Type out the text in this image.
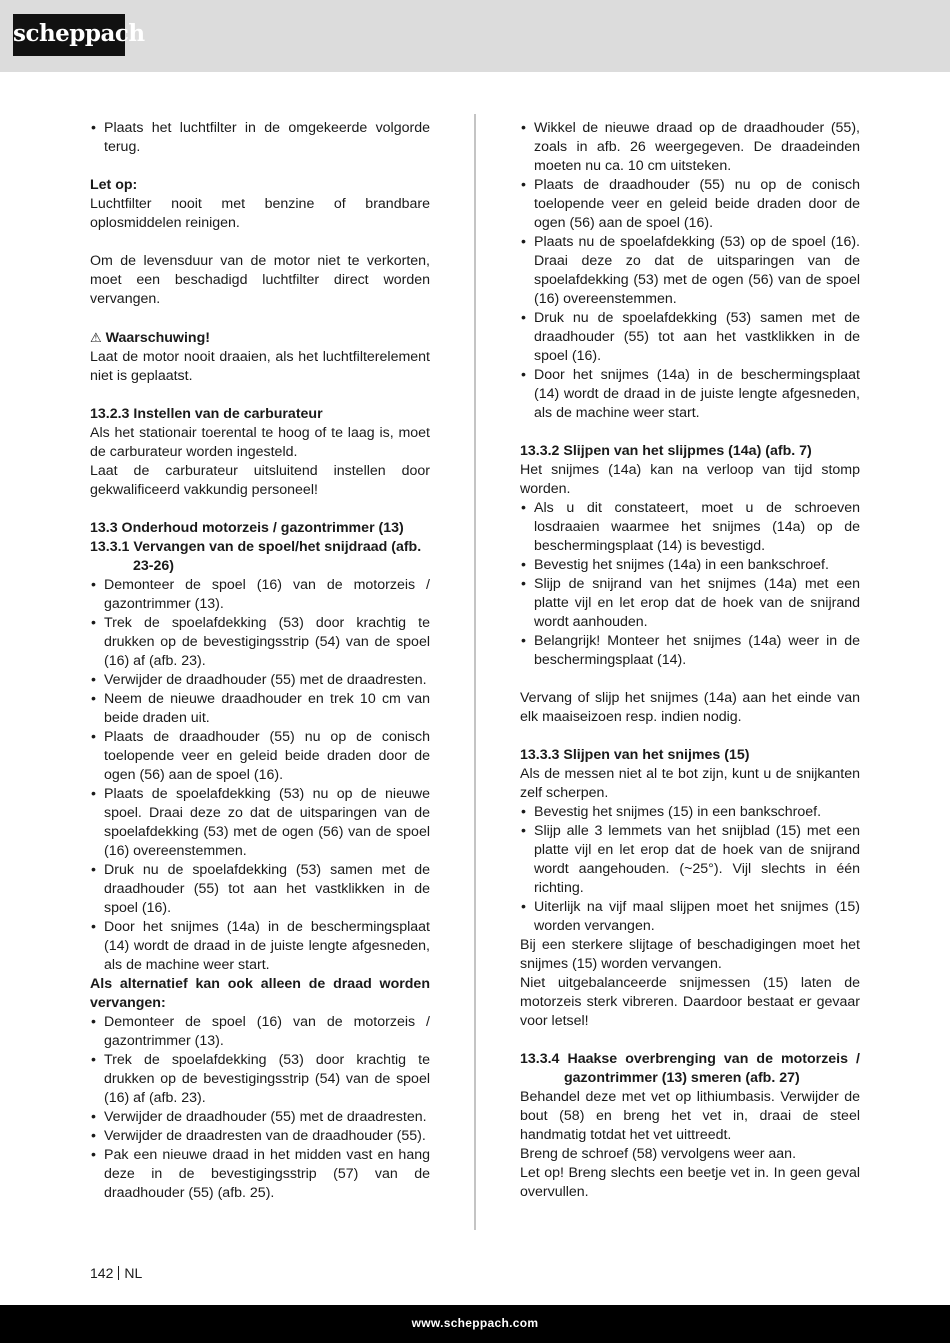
scheppach
• Plaats het luchtfilter in de omgekeerde volgorde terug.
Let op:
Luchtfilter nooit met benzine of brandbare oplosmiddelen reinigen.
Om de levensduur van de motor niet te verkorten, moet een beschadigd luchtfilter direct worden vervangen.
⚠ Waarschuwing!
Laat de motor nooit draaien, als het luchtfilterelement niet is geplaatst.
13.2.3 Instellen van de carburateur
Als het stationair toerental te hoog of te laag is, moet de carburateur worden ingesteld.
Laat de carburateur uitsluitend instellen door gekwalificeerd vakkundig personeel!
13.3 Onderhoud motorzeis / gazontrimmer (13)
13.3.1 Vervangen van de spoel/het snijdraad (afb. 23-26)
• Demonteer de spoel (16) van de motorzeis / gazontrimmer (13).
• Trek de spoelafdekking (53) door krachtig te drukken op de bevestigingsstrip (54) van de spoel (16) af (afb. 23).
• Verwijder de draadhouder (55) met de draadresten.
• Neem de nieuwe draadhouder en trek 10 cm van beide draden uit.
• Plaats de draadhouder (55) nu op de conisch toelopende veer en geleid beide draden door de ogen (56) aan de spoel (16).
• Plaats de spoelafdekking (53) nu op de nieuwe spoel. Draai deze zo dat de uitsparingen van de spoelafdekking (53) met de ogen (56) van de spoel (16) overeenstemmen.
• Druk nu de spoelafdekking (53) samen met de draadhouder (55) tot aan het vastklikken in de spoel (16).
• Door het snijmes (14a) in de beschermingsplaat (14) wordt de draad in de juiste lengte afgesneden, als de machine weer start.
Als alternatief kan ook alleen de draad worden vervangen:
• Demonteer de spoel (16) van de motorzeis / gazontrimmer (13).
• Trek de spoelafdekking (53) door krachtig te drukken op de bevestigingsstrip (54) van de spoel (16) af (afb. 23).
• Verwijder de draadhouder (55) met de draadresten.
• Verwijder de draadresten van de draadhouder (55).
• Pak een nieuwe draad in het midden vast en hang deze in de bevestigingsstrip (57) van de draadhouder (55) (afb. 25).
• Wikkel de nieuwe draad op de draadhouder (55), zoals in afb. 26 weergegeven. De draadeinden moeten nu ca. 10 cm uitsteken.
• Plaats de draadhouder (55) nu op de conisch toelopende veer en geleid beide draden door de ogen (56) aan de spoel (16).
• Plaats nu de spoelafdekking (53) op de spoel (16). Draai deze zo dat de uitsparingen van de spoelafdekking (53) met de ogen (56) van de spoel (16) overeenstemmen.
• Druk nu de spoelafdekking (53) samen met de draadhouder (55) tot aan het vastklikken in de spoel (16).
• Door het snijmes (14a) in de beschermingsplaat (14) wordt de draad in de juiste lengte afgesneden, als de machine weer start.
13.3.2 Slijpen van het slijpmes (14a) (afb. 7)
Het snijmes (14a) kan na verloop van tijd stomp worden.
• Als u dit constateert, moet u de schroeven losdraaien waarmee het snijmes (14a) op de beschermingsplaat (14) is bevestigd.
• Bevestig het snijmes (14a) in een bankschroef.
• Slijp de snijrand van het snijmes (14a) met een platte vijl en let erop dat de hoek van de snijrand wordt aanhouden.
• Belangrijk! Monteer het snijmes (14a) weer in de beschermingsplaat (14).
Vervang of slijp het snijmes (14a) aan het einde van elk maaiseizoen resp. indien nodig.
13.3.3 Slijpen van het snijmes (15)
Als de messen niet al te bot zijn, kunt u de snijkanten zelf scherpen.
• Bevestig het snijmes (15) in een bankschroef.
• Slijp alle 3 lemmets van het snijblad (15) met een platte vijl en let erop dat de hoek van de snijrand wordt aangehouden. (~25°). Vijl slechts in één richting.
• Uiterlijk na vijf maal slijpen moet het snijmes (15) worden vervangen.
Bij een sterkere slijtage of beschadigingen moet het snijmes (15) worden vervangen.
Niet uitgebalanceerde snijmessen (15) laten de motorzeis sterk vibreren. Daardoor bestaat er gevaar voor letsel!
13.3.4 Haakse overbrenging van de motorzeis / gazontrimmer (13) smeren (afb. 27)
Behandel deze met vet op lithiumbasis. Verwijder de bout (58) en breng het vet in, draai de steel handmatig totdat het vet uittreedt.
Breng de schroef (58) vervolgens weer aan.
Let op! Breng slechts een beetje vet in. In geen geval overvullen.
142 NL
www.scheppach.com
